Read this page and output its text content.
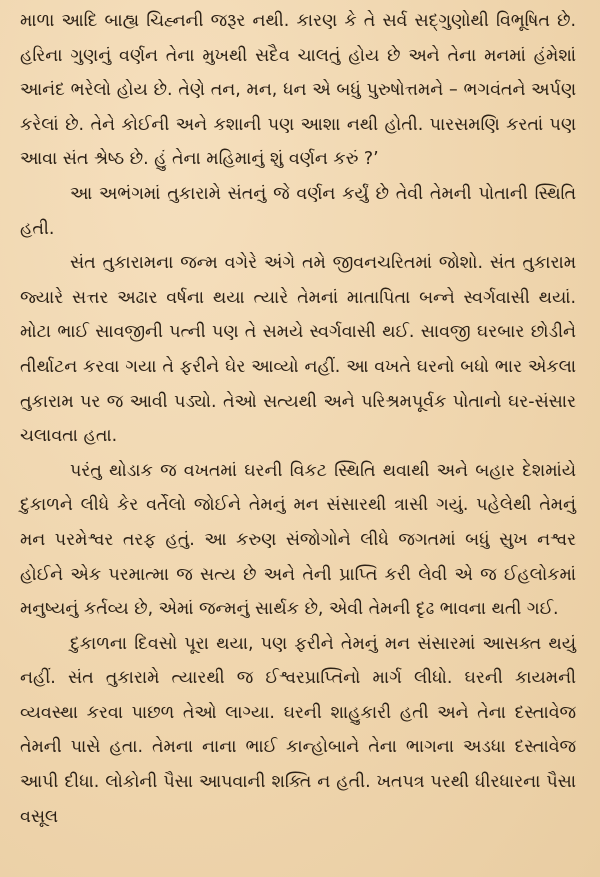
માળા આદિ બાહ્ય ચિહ્નની જરૂર નથી. કારણ કે તે સર્વ સદ્‌ગુણોથી વિભૂષિત છે. હરિના ગુણનું વર્ણન તેના મુખથી સદૈવ ચાલતું હોય છે અને તેના મનમાં હંમેશાં આનંદ ભરેલો હોય છે. તેણે તન, મન, ધન એ બધું પુરુષોત્તમને – ભગવંતને અર્પણ કરેલાં છે. તેને કોઈની અને કશાની પણ આશા નથી હોતી. પારસમણિ કરતાં પણ આવા સંત શ્રેષ્ઠ છે. હું તેના મહિમાનું શું વર્ણન કરું ?’

આ અભંગમાં તુકારામે સંતનું જે વર્ણન કર્યું છે તેવી તેમની પોતાની સ્થિતિ હતી.

સંત તુકારામના જન્મ વગેરે અંગે તમે જીવનચરિતમાં જોશો. સંત તુકારામ જ્યારે સત્તર અઢાર વર્ષના થયા ત્યારે તેમનાં માતાપિતા બન્ને સ્વર્ગવાસી થયાં. મોટા ભાઈ સાવજીની પત્ની પણ તે સમયે સ્વર્ગવાસી થઈ. સાવજી ઘરબાર છોડીને તીર્થાટન કરવા ગયા તે ફરીને ઘેર આવ્યો નહીં. આ વખતે ઘરનો બધો ભાર એકલા તુકારામ પર જ આવી પડ્યો. તેઓ સત્યથી અને પરિશ્રમપૂર્વક પોતાનો ઘર-સંસાર ચલાવતા હતા.

પરંતુ થોડાક જ વખતમાં ઘરની વિકટ સ્થિતિ થવાથી અને બહાર દેશમાંયે દુકાળને લીધે કેર વર્તેલો જોઈને તેમનું મન સંસારથી ત્રાસી ગયું. પહેલેથી તેમનું મન પરમેશ્વર તરફ હતું. આ કરુણ સંજોગોને લીધે જગતમાં બધું સુખ નશ્વર હોઈને એક પરમાત્મા જ સત્ય છે અને તેની પ્રાપ્તિ કરી લેવી એ જ ઈહલોકમાં મનુષ્યનું કર્તવ્ય છે, એમાં જન્મનું સાર્થક છે, એવી તેમની દૃઢ ભાવના થતી ગઈ.

દુકાળના દિવસો પૂરા થયા, પણ ફરીને તેમનું મન સંસારમાં આસક્ત થયું નહીં. સંત તુકારામે ત્યારથી જ ઈશ્વરપ્રાપ્તિનો માર્ગ લીધો. ઘરની કાયમની વ્યવસ્થા કરવા પાછળ તેઓ લાગ્યા. ઘરની શાહુકારી હતી અને તેના દસ્તાવેજ તેમની પાસે હતા. તેમના નાના ભાઈ કાન્હોબાને તેના ભાગના અડધા દસ્તાવેજ આપી દીધા. લોકોની પૈસા આપવાની શક્તિ ન હતી. ખતપત્ર પરથી ધીરધારના પૈસા વસૂલ
